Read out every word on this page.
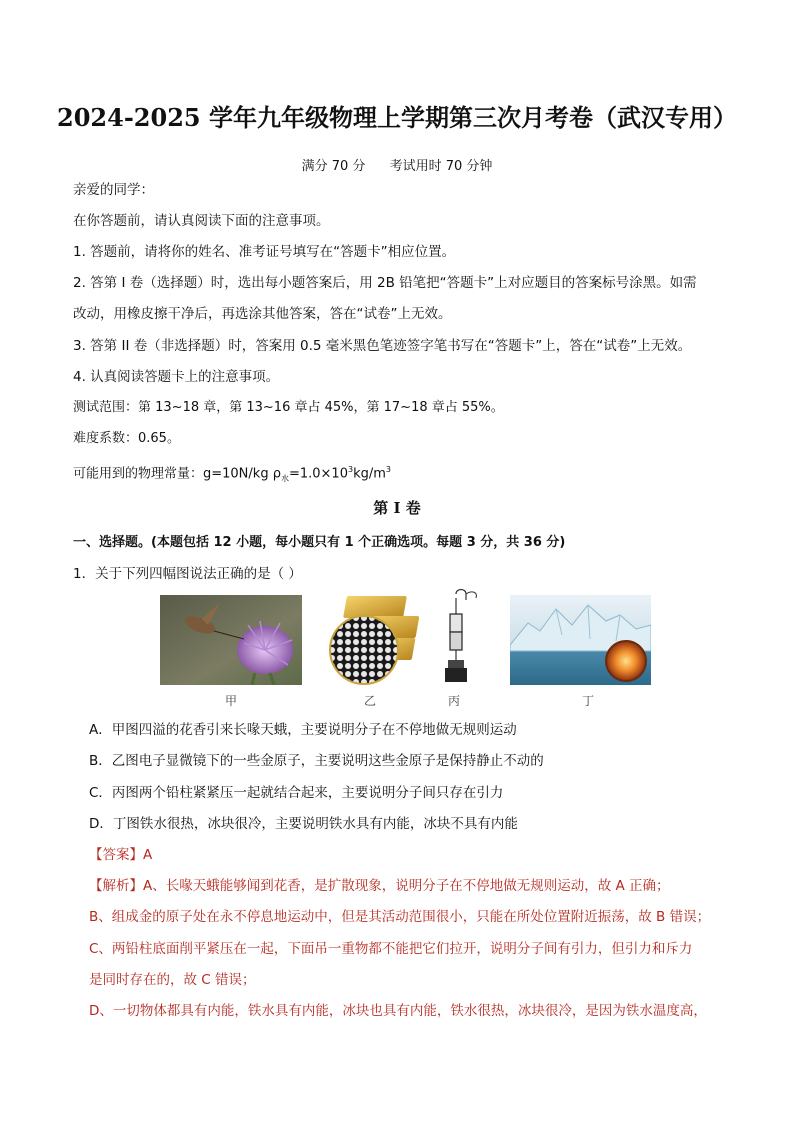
2024-2025 学年九年级物理上学期第三次月考卷（武汉专用）
满分 70 分 考试用时 70 分钟
亲爱的同学：
在你答题前，请认真阅读下面的注意事项。
1. 答题前，请将你的姓名、准考证号填写在“答题卡”相应位置。
2. 答第 I 卷（选择题）时，选出每小题答案后，用 2B 铅笔把“答题卡”上对应题目的答案标号涂黑。如需
改动，用橡皮擦干净后，再选涂其他答案，答在“试卷”上无效。
3. 答第 II 卷（非选择题）时，答案用 0.5 毫米黑色笔迹签字笔书写在“答题卡”上，答在“试卷”上无效。
4. 认真阅读答题卡上的注意事项。
测试范围：第 13~18 章，第 13~16 章占 45%，第 17~18 章占 55%。
难度系数：0.65。
可能用到的物理常量：g=10N/kg $\rho_水=1.0\times 10^3kg/m^3$
第 I 卷
一、选择题。(本题包括 12 小题，每小题只有 1 个正确选项。每题 3 分，共 36 分)
1．关于下列四幅图说法正确的是（ ）
甲	乙	丙	丁
A．甲图四溢的花香引来长喙天蛾，主要说明分子在不停地做无规则运动
B．乙图电子显微镜下的一些金原子，主要说明这些金原子是保持静止不动的
C．丙图两个铅柱紧紧压一起就结合起来，主要说明分子间只存在引力
D．丁图铁水很热，冰块很冷，主要说明铁水具有内能，冰块不具有内能
【答案】A
【解析】A、长喙天蛾能够闻到花香，是扩散现象，说明分子在不停地做无规则运动，故 A 正确；
B、组成金的原子处在永不停息地运动中，但是其活动范围很小，只能在所处位置附近振荡，故 B 错误；
C、两铅柱底面削平紧压在一起，下面吊一重物都不能把它们拉开，说明分子间有引力，但引力和斥力
是同时存在的，故 C 错误；
D、一切物体都具有内能，铁水具有内能，冰块也具有内能，铁水很热，冰块很冷，是因为铁水温度高，
